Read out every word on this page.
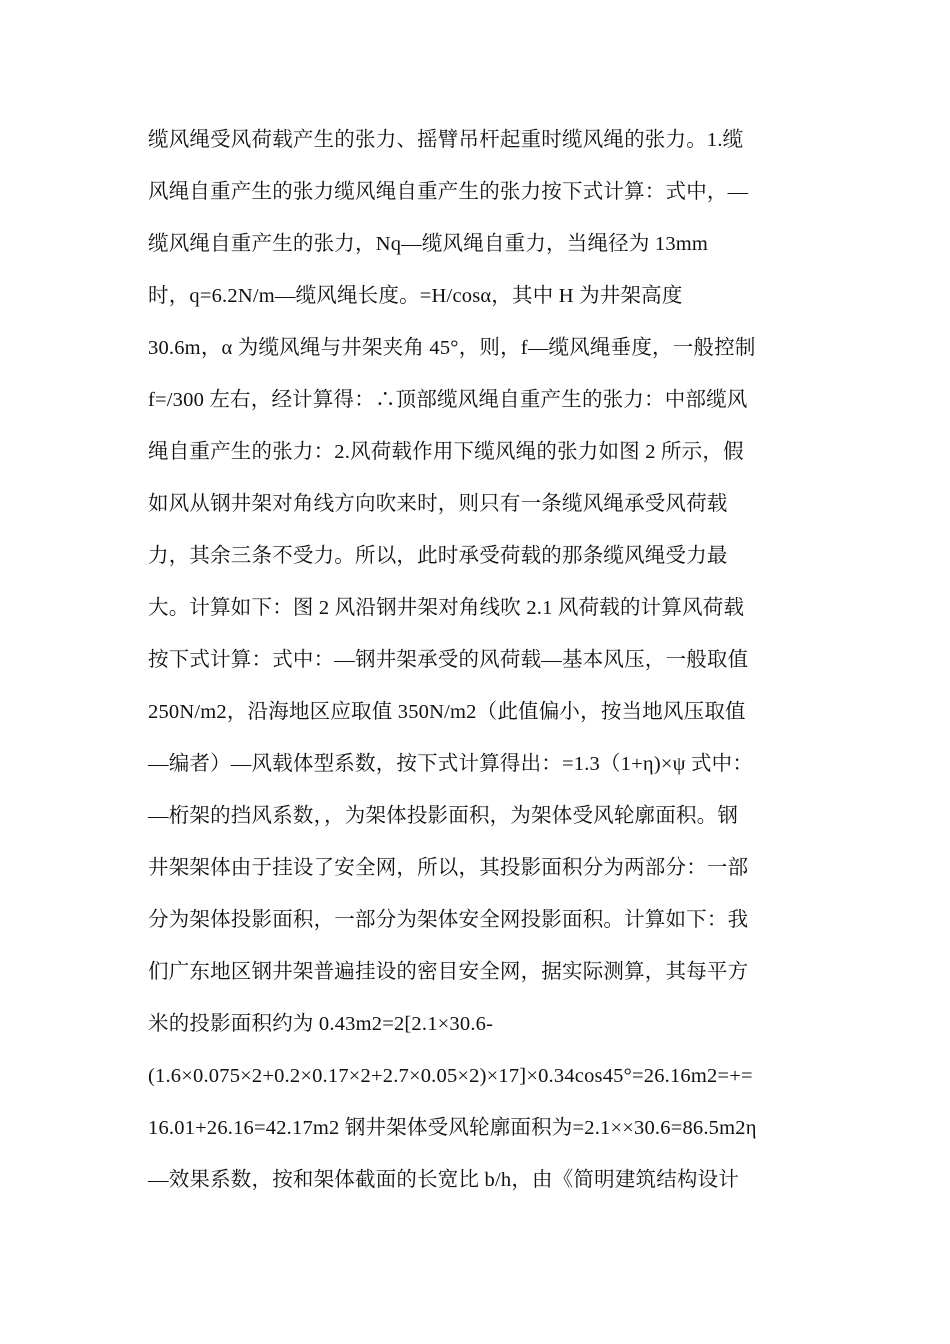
缆风绳受风荷载产生的张力、摇臂吊杆起重时缆风绳的张力。1.缆
风绳自重产生的张力缆风绳自重产生的张力按下式计算：式中，—
缆风绳自重产生的张力，Nq—缆风绳自重力，当绳径为 13mm
时，q=6.2N/m—缆风绳长度。=H/cosα，其中 H 为井架高度
30.6m，α 为缆风绳与井架夹角 45°，则，f—缆风绳垂度，一般控制
f=/300 左右，经计算得：∴顶部缆风绳自重产生的张力：中部缆风
绳自重产生的张力：2.风荷载作用下缆风绳的张力如图 2 所示，假
如风从钢井架对角线方向吹来时，则只有一条缆风绳承受风荷载
力，其余三条不受力。所以，此时承受荷载的那条缆风绳受力最
大。计算如下：图 2 风沿钢井架对角线吹 2.1 风荷载的计算风荷载
按下式计算：式中：—钢井架承受的风荷载—基本风压，一般取值
250N/m2，沿海地区应取值 350N/m2（此值偏小，按当地风压取值
—编者）—风载体型系数，按下式计算得出：=1.3（1+η)×ψ 式中：
—桁架的挡风系数，，为架体投影面积，为架体受风轮廓面积。钢
井架架体由于挂设了安全网，所以，其投影面积分为两部分：一部
分为架体投影面积，一部分为架体安全网投影面积。计算如下：我
们广东地区钢井架普遍挂设的密目安全网，据实际测算，其每平方
米的投影面积约为 0.43m2=2[2.1×30.6-
(1.6×0.075×2+0.2×0.17×2+2.7×0.05×2)×17]×0.34cos45°=26.16m2=+=
16.01+26.16=42.17m2 钢井架体受风轮廓面积为=2.1××30.6=86.5m2η
—效果系数，按和架体截面的长宽比 b/h，由《简明建筑结构设计
